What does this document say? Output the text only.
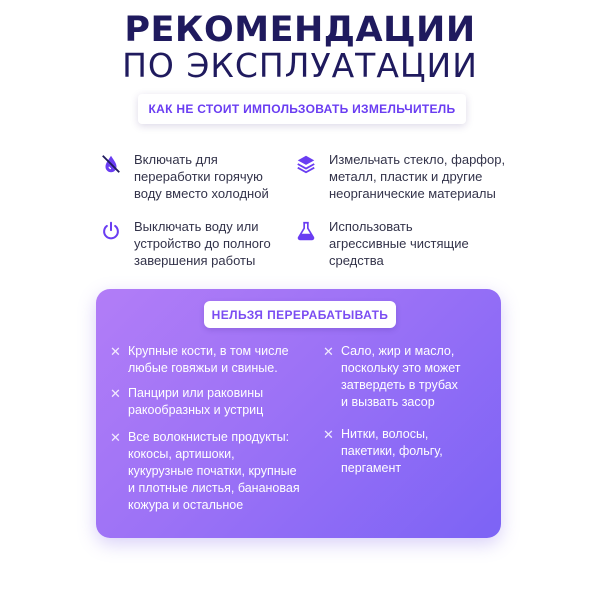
РЕКОМЕНДАЦИИ
ПО ЭКСПЛУАТАЦИИ
КАК НЕ СТОИТ ИМПОЛЬЗОВАТЬ ИЗМЕЛЬЧИТЕЛЬ
Включать для
переработки горячую
воду вместо холодной
Измельчать стекло, фарфор,
металл, пластик и другие
неорганические материалы
Выключать воду или
устройство до полного
завершения работы
Использовать
агрессивные чистящие
средства
НЕЛЬЗЯ ПЕРЕРАБАТЫВАТЬ
✕ Крупные кости, в том числе
любые говяжьи и свиные.
✕ Панцири или раковины
ракообразных и устриц
✕ Все волокнистые продукты:
кокосы, артишоки,
кукурузные початки, крупные
и плотные листья, банановая
кожура и остальное
✕ Сало, жир и масло,
поскольку это может
затвердеть в трубах
и вызвать засор
✕ Нитки, волосы,
пакетики, фольгу,
пергамент
